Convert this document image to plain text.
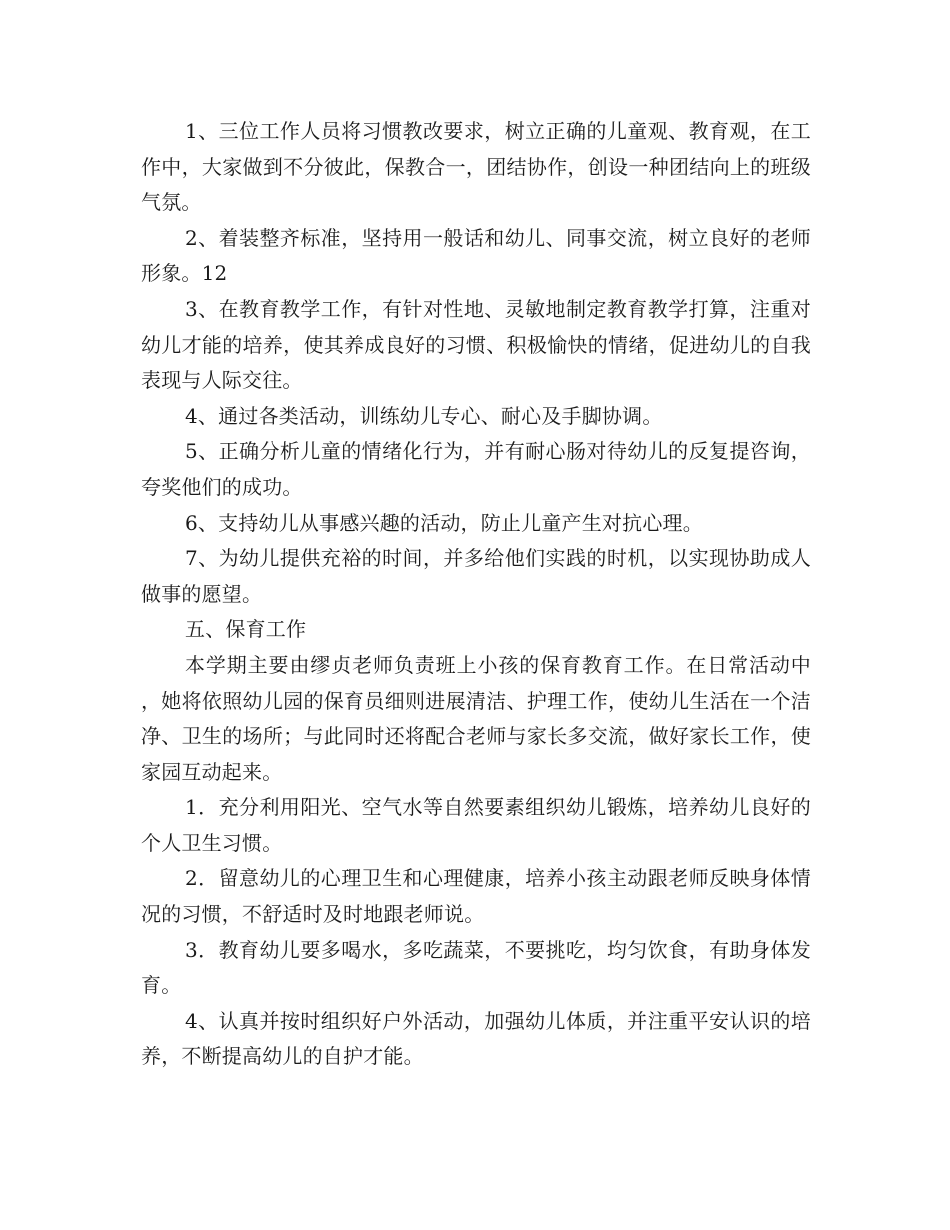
1、三位工作人员将习惯教改要求，树立正确的儿童观、教育观，在工作中，大家做到不分彼此，保教合一，团结协作，创设一种团结向上的班级气氛。

2、着装整齐标准，坚持用一般话和幼儿、同事交流，树立良好的老师形象。12

3、在教育教学工作，有针对性地、灵敏地制定教育教学打算，注重对幼儿才能的培养，使其养成良好的习惯、积极愉快的情绪，促进幼儿的自我表现与人际交往。

4、通过各类活动，训练幼儿专心、耐心及手脚协调。

5、正确分析儿童的情绪化行为，并有耐心肠对待幼儿的反复提咨询，夸奖他们的成功。

6、支持幼儿从事感兴趣的活动，防止儿童产生对抗心理。

7、为幼儿提供充裕的时间，并多给他们实践的时机，以实现协助成人做事的愿望。

五、保育工作

本学期主要由缪贞老师负责班上小孩的保育教育工作。在日常活动中，她将依照幼儿园的保育员细则进展清洁、护理工作，使幼儿生活在一个洁净、卫生的场所；与此同时还将配合老师与家长多交流，做好家长工作，使家园互动起来。

1．充分利用阳光、空气水等自然要素组织幼儿锻炼，培养幼儿良好的个人卫生习惯。

2．留意幼儿的心理卫生和心理健康，培养小孩主动跟老师反映身体情况的习惯，不舒适时及时地跟老师说。

3．教育幼儿要多喝水，多吃蔬菜，不要挑吃，均匀饮食，有助身体发育。

4、认真并按时组织好户外活动，加强幼儿体质，并注重平安认识的培养，不断提高幼儿的自护才能。
